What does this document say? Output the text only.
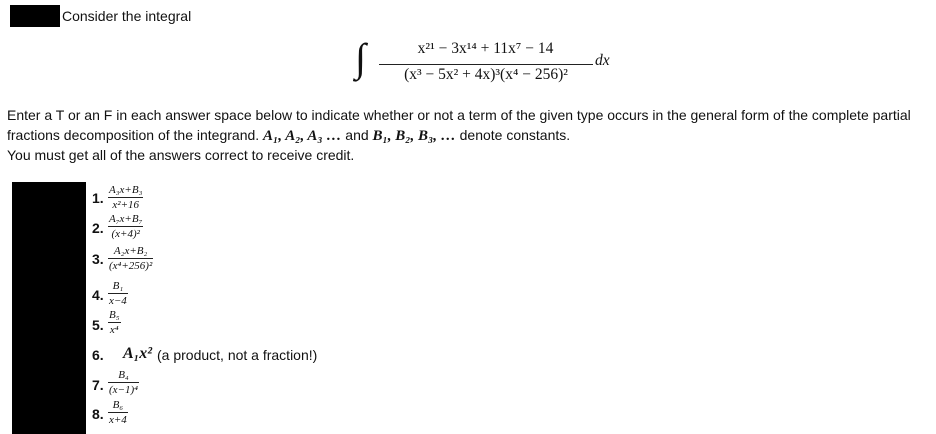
Consider the integral
∫	x²¹ − 3x¹⁴ + 11x⁷ − 14
(x³ − 5x² + 4x)³(x⁴ − 256)²
dx
Enter a T or an F in each answer space below to indicate whether or not a term of the given type occurs in the general form of the complete partial
fractions decomposition of the integrand. A₁, A₂, A₃ … and B₁, B₂, B₃, … denote constants.
You must get all of the answers correct to receive credit.
1. A₃x+B₃
x²+16
2.
A₇x+B₇
(x+4)²
3. A₂x+B₂
(x⁴+256)²
4.
B₁
x−4
5.
B₅
x⁴
6. A₁x² (a product, not a fraction!)
7.
B₄
(x−1)⁴
8.
B₆
x+4
